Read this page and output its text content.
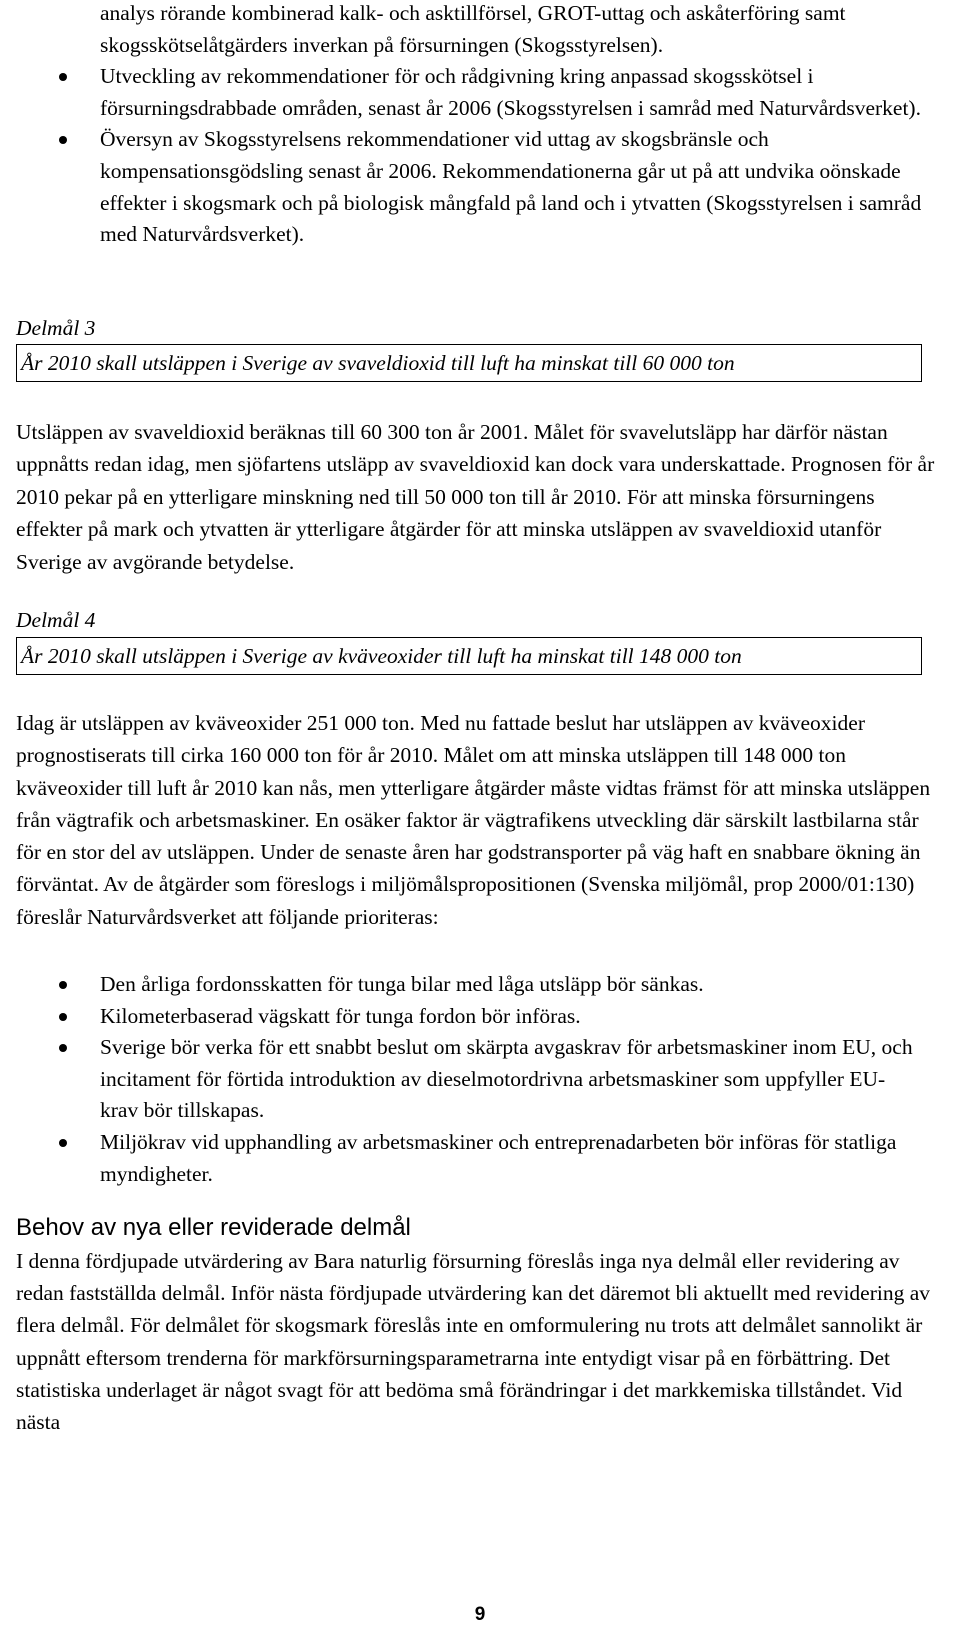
analys rörande kombinerad kalk- och asktillförsel, GROT-uttag och askåterföring samt skogsskötselåtgärders inverkan på försurningen (Skogsstyrelsen).
Utveckling av rekommendationer för och rådgivning kring anpassad skogsskötsel i försurningsdrabbade områden, senast år 2006 (Skogsstyrelsen i samråd med Naturvårdsverket).
Översyn av Skogsstyrelsens rekommendationer vid uttag av skogsbränsle och kompensationsgödsling senast år 2006. Rekommendationerna går ut på att undvika oönskade effekter i skogsmark och på biologisk mångfald på land och i ytvatten (Skogsstyrelsen i samråd med Naturvårdsverket).
Delmål 3
År 2010 skall utsläppen i Sverige av svaveldioxid till luft ha minskat till 60 000 ton

Utsläppen av svaveldioxid beräknas till 60 300 ton år 2001. Målet för svavelutsläpp har därför nästan uppnåtts redan idag, men sjöfartens utsläpp av svaveldioxid kan dock vara underskattade. Prognosen för år 2010 pekar på en ytterligare minskning ned till 50 000 ton till år 2010. För att minska försurningens effekter på mark och ytvatten är ytterligare åtgärder för att minska utsläppen av svaveldioxid utanför Sverige av avgörande betydelse.

Delmål 4
År 2010 skall utsläppen i Sverige av kväveoxider till luft ha minskat till 148 000 ton

Idag är utsläppen av kväveoxider 251 000 ton. Med nu fattade beslut har utsläppen av kväveoxider prognostiserats till cirka 160 000 ton för år 2010. Målet om att minska utsläppen till 148 000 ton kväveoxider till luft år 2010 kan nås, men ytterligare åtgärder måste vidtas främst för att minska utsläppen från vägtrafik och arbetsmaskiner. En osäker faktor är vägtrafikens utveckling där särskilt lastbilarna står för en stor del av utsläppen. Under de senaste åren har godstransporter på väg haft en snabbare ökning än förväntat. Av de åtgärder som föreslogs i miljömålspropositionen (Svenska miljömål, prop 2000/01:130) föreslår Naturvårdsverket att följande prioriteras:

Den årliga fordonsskatten för tunga bilar med låga utsläpp bör sänkas.
Kilometerbaserad vägskatt för tunga fordon bör införas.
Sverige bör verka för ett snabbt beslut om skärpta avgaskrav för arbetsmaskiner inom EU, och incitament för förtida introduktion av dieselmotordrivna arbetsmaskiner som uppfyller EU-krav bör tillskapas.
Miljökrav vid upphandling av arbetsmaskiner och entreprenadarbeten bör införas för statliga myndigheter.
Behov av nya eller reviderade delmål

I denna fördjupade utvärdering av Bara naturlig försurning föreslås inga nya delmål eller revidering av redan fastställda delmål. Inför nästa fördjupade utvärdering kan det däremot bli aktuellt med revidering av flera delmål. För delmålet för skogsmark föreslås inte en omformulering nu trots att delmålet sannolikt är uppnått eftersom trenderna för markförsurningsparametrarna inte entydigt visar på en förbättring. Det statistiska underlaget är något svagt för att bedöma små förändringar i det markkemiska tillståndet. Vid nästa

9
